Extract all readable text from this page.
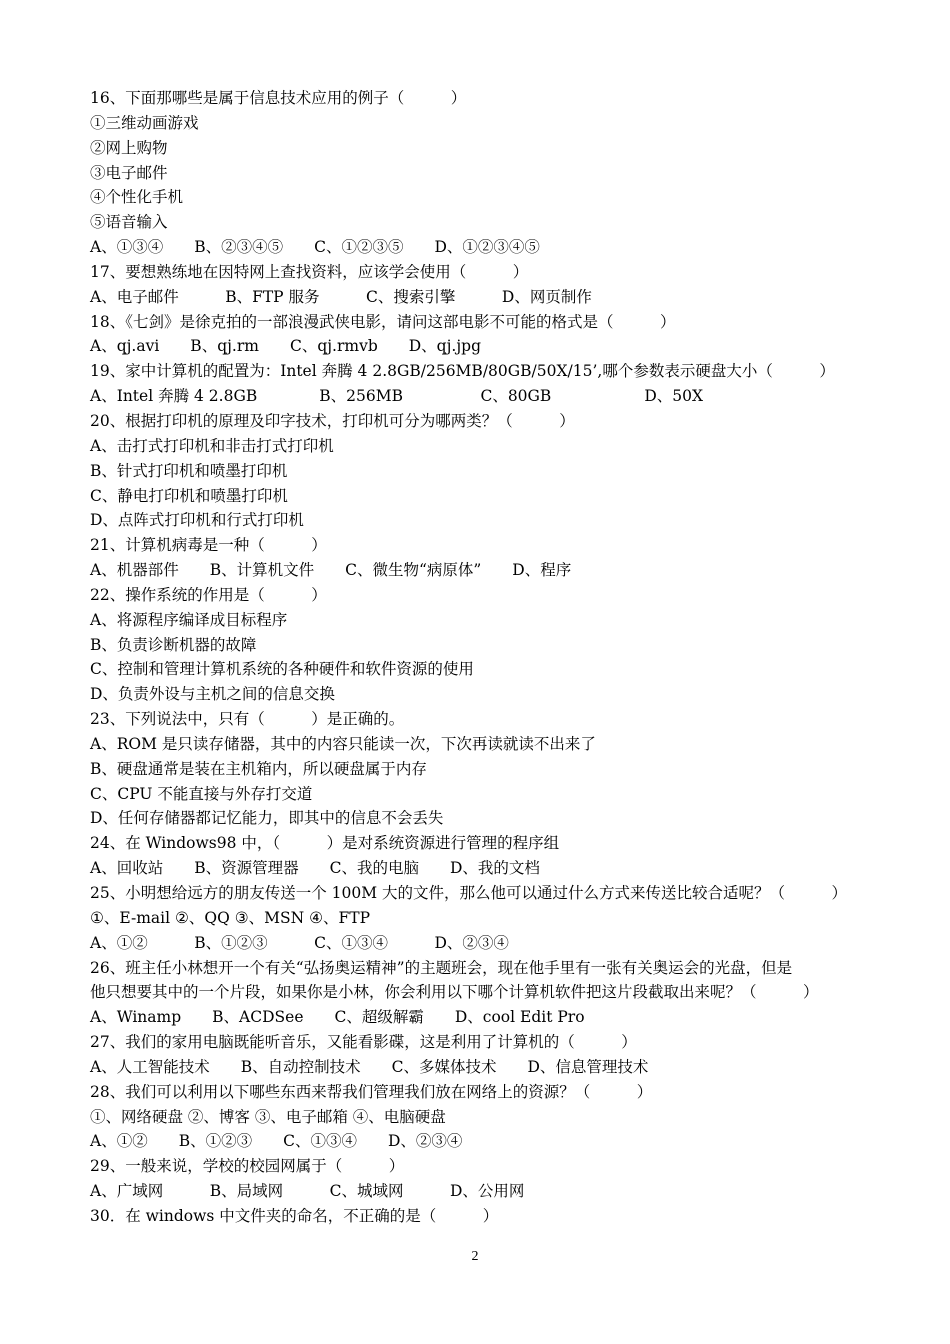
16、下面那哪些是属于信息技术应用的例子（　　　）
①三维动画游戏
②网上购物
③电子邮件
④个性化手机
⑤语音输入
A、①③④　　B、②③④⑤　　C、①②③⑤　　D、①②③④⑤
17、要想熟练地在因特网上查找资料，应该学会使用（　　　）
A、电子邮件　　　B、FTP 服务　　　C、搜索引擎　　　D、网页制作
18、《七剑》是徐克拍的一部浪漫武侠电影，请问这部电影不可能的格式是（　　　）
A、qj.avi　　B、qj.rm　　C、qj.rmvb　　D、qj.jpg
19、家中计算机的配置为：Intel 奔腾 4 2.8GB/256MB/80GB/50X/15’,哪个参数表示硬盘大小（　　　）
A、Intel 奔腾 4 2.8GB　　　　B、256MB　　　　　C、80GB　　　　　　D、50X
20、根据打印机的原理及印字技术，打印机可分为哪两类？（　　　）
A、击打式打印机和非击打式打印机
B、针式打印机和喷墨打印机
C、静电打印机和喷墨打印机
D、点阵式打印机和行式打印机
21、计算机病毒是一种（　　　）
A、机器部件　　B、计算机文件　　C、微生物“病原体”　　D、程序
22、操作系统的作用是（　　　）
A、将源程序编译成目标程序
B、负责诊断机器的故障
C、控制和管理计算机系统的各种硬件和软件资源的使用
D、负责外设与主机之间的信息交换
23、下列说法中，只有（　　　）是正确的。
A、ROM 是只读存储器，其中的内容只能读一次，下次再读就读不出来了
B、硬盘通常是装在主机箱内，所以硬盘属于内存
C、CPU 不能直接与外存打交道
D、任何存储器都记忆能力，即其中的信息不会丢失
24、在 Windows98 中，（　　　）是对系统资源进行管理的程序组
A、回收站　　B、资源管理器　　C、我的电脑　　D、我的文档
25、小明想给远方的朋友传送一个 100M 大的文件，那么他可以通过什么方式来传送比较合适呢？（　　　）
①、E-mail ②、QQ ③、MSN ④、FTP
A、①②　　　B、①②③　　　C、①③④　　　D、②③④
26、班主任小林想开一个有关“弘扬奥运精神”的主题班会，现在他手里有一张有关奥运会的光盘，但是
他只想要其中的一个片段，如果你是小林，你会利用以下哪个计算机软件把这片段截取出来呢？（　　　）
A、Winamp　　B、ACDSee　　C、超级解霸　　D、cool Edit Pro
27、我们的家用电脑既能听音乐，又能看影碟，这是利用了计算机的（　　　）
A、人工智能技术　　B、自动控制技术　　C、多媒体技术　　D、信息管理技术
28、我们可以利用以下哪些东西来帮我们管理我们放在网络上的资源？（　　　）
①、网络硬盘 ②、博客 ③、电子邮箱 ④、电脑硬盘
A、①②　　B、①②③　　C、①③④　　D、②③④
29、一般来说，学校的校园网属于（　　　）
A、广域网　　　B、局域网　　　C、城域网　　　D、公用网
30．在 windows 中文件夹的命名，不正确的是（　　　）
2
